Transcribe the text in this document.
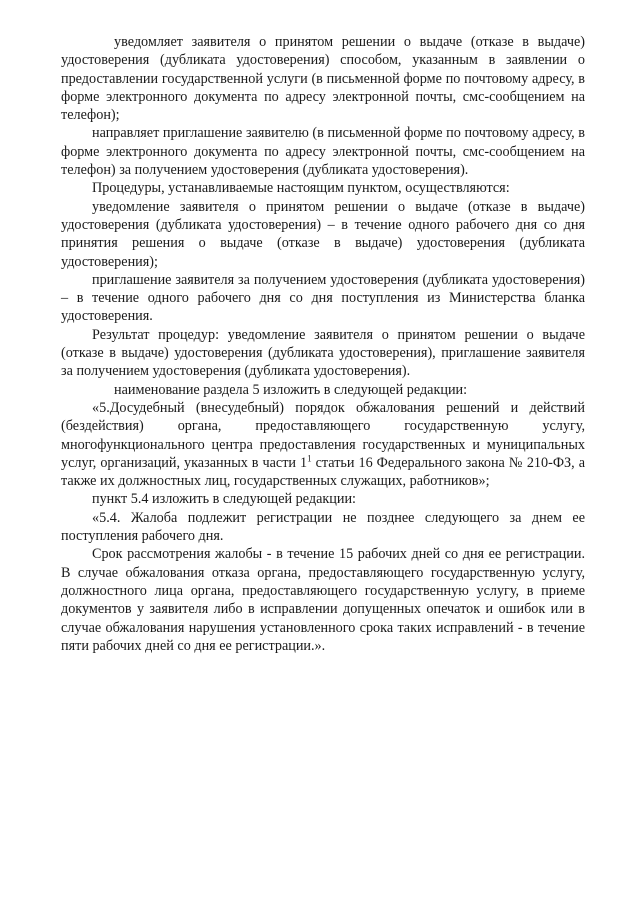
уведомляет заявителя о принятом решении о выдаче (отказе в выдаче) удостоверения (дубликата удостоверения) способом, указанным в заявлении о предоставлении государственной услуги (в письменной форме по почтовому адресу, в форме электронного документа по адресу электронной почты, смс-сообщением на телефон);

направляет приглашение заявителю (в письменной форме по почтовому адресу, в форме электронного документа по адресу электронной почты, смс-сообщением на телефон) за получением удостоверения (дубликата удостоверения).

Процедуры, устанавливаемые настоящим пунктом, осуществляются:

уведомление заявителя о принятом решении о выдаче (отказе в выдаче) удостоверения (дубликата удостоверения) – в течение одного рабочего дня со дня принятия решения о выдаче (отказе в выдаче) удостоверения (дубликата удостоверения);

приглашение заявителя за получением удостоверения (дубликата удостоверения) – в течение одного рабочего дня со дня поступления из Министерства бланка удостоверения.

Результат процедур: уведомление заявителя о принятом решении о выдаче (отказе в выдаче) удостоверения (дубликата удостоверения), приглашение заявителя за получением удостоверения (дубликата удостоверения).

наименование раздела 5 изложить в следующей редакции:

«5.Досудебный (внесудебный) порядок обжалования решений и действий (бездействия) органа, предоставляющего государственную услугу, многофункционального центра предоставления государственных и муниципальных услуг, организаций, указанных в части $1^1$ статьи 16 Федерального закона № 210-ФЗ, а также их должностных лиц, государственных служащих, работников»;

пункт 5.4 изложить в следующей редакции:

«5.4. Жалоба подлежит регистрации не позднее следующего за днем ее поступления рабочего дня.

Срок рассмотрения жалобы - в течение 15 рабочих дней со дня ее регистрации. В случае обжалования отказа органа, предоставляющего государственную услугу, должностного лица органа, предоставляющего государственную услугу, в приеме документов у заявителя либо в исправлении допущенных опечаток и ошибок или в случае обжалования нарушения установленного срока таких исправлений - в течение пяти рабочих дней со дня ее регистрации.».
